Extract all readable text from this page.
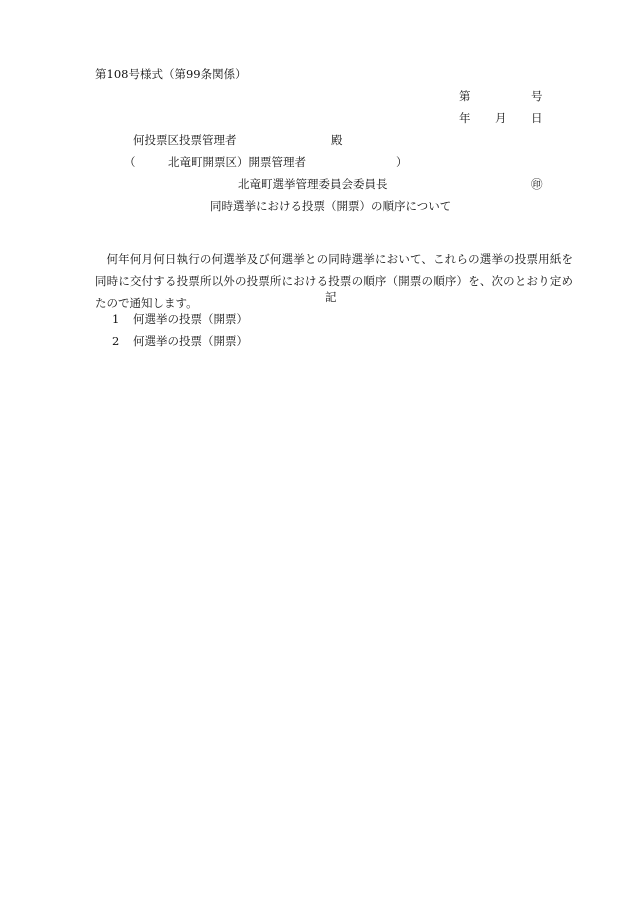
第108号様式（第99条関係）
第	号
年 月 日
何投票区投票管理者	殿
（	北竜町開票区）開票管理者	）
北竜町選挙管理委員会委員長	㊞
同時選挙における投票（開票）の順序について
何年何月何日執行の何選挙及び何選挙との同時選挙において、これらの選挙の投票用紙を同時に交付する投票所以外の投票所における投票の順序（開票の順序）を、次のとおり定めたので通知します。	記
1 何選挙の投票（開票）
2 何選挙の投票（開票）
